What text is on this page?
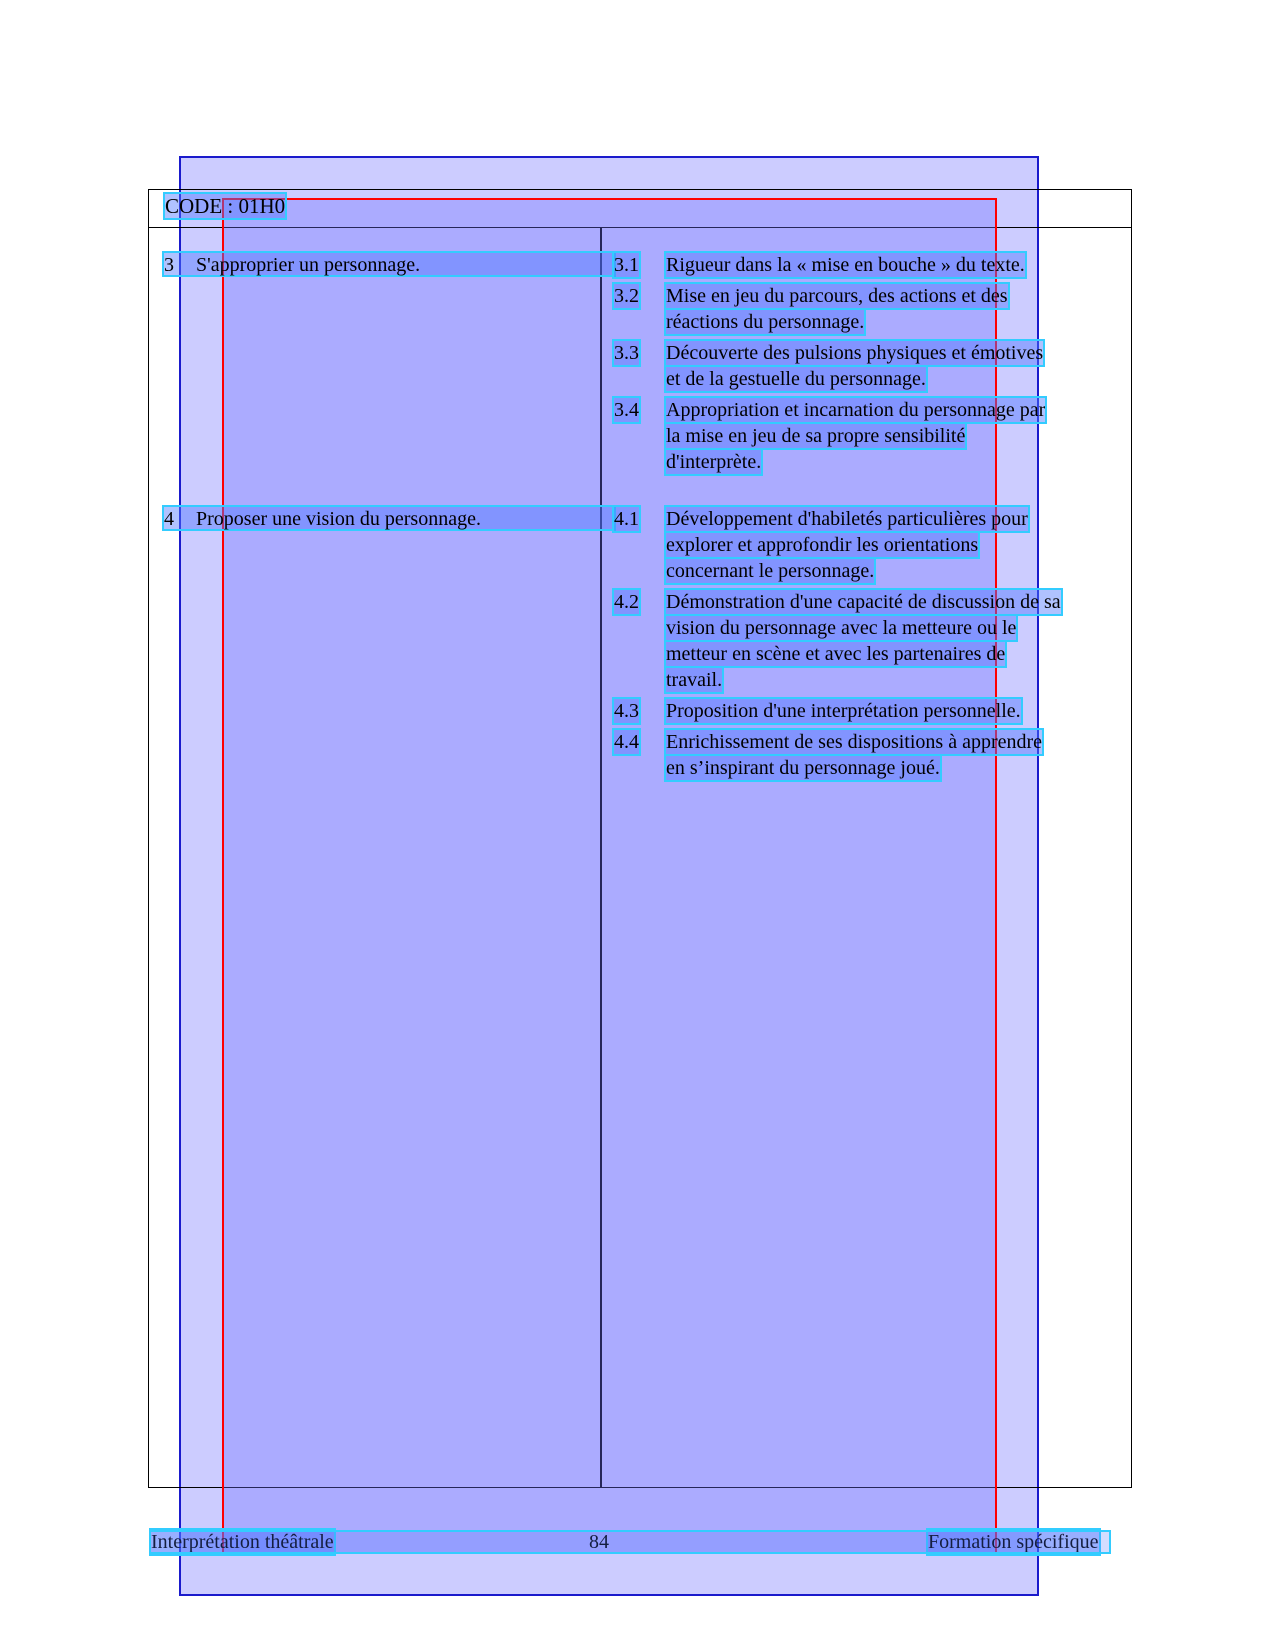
CODE : 01H0
3 S'approprier un personnage.	3.1 Rigueur dans la « mise en bouche » du texte.
3.2 Mise en jeu du parcours, des actions et des
réactions du personnage.
3.3 Découverte des pulsions physiques et émotives
et de la gestuelle du personnage.
3.4 Appropriation et incarnation du personnage par
la mise en jeu de sa propre sensibilité
d'interprète.
4 Proposer une vision du personnage.	4.1 Développement d'habiletés particulières pour
explorer et approfondir les orientations
concernant le personnage.
4.2 Démonstration d'une capacité de discussion de sa
vision du personnage avec la metteure ou le
metteur en scène et avec les partenaires de
travail.
4.3 Proposition d'une interprétation personnelle.
4.4 Enrichissement de ses dispositions à apprendre
en s’inspirant du personnage joué.
Interprétation théâtrale	84	Formation spécifique
